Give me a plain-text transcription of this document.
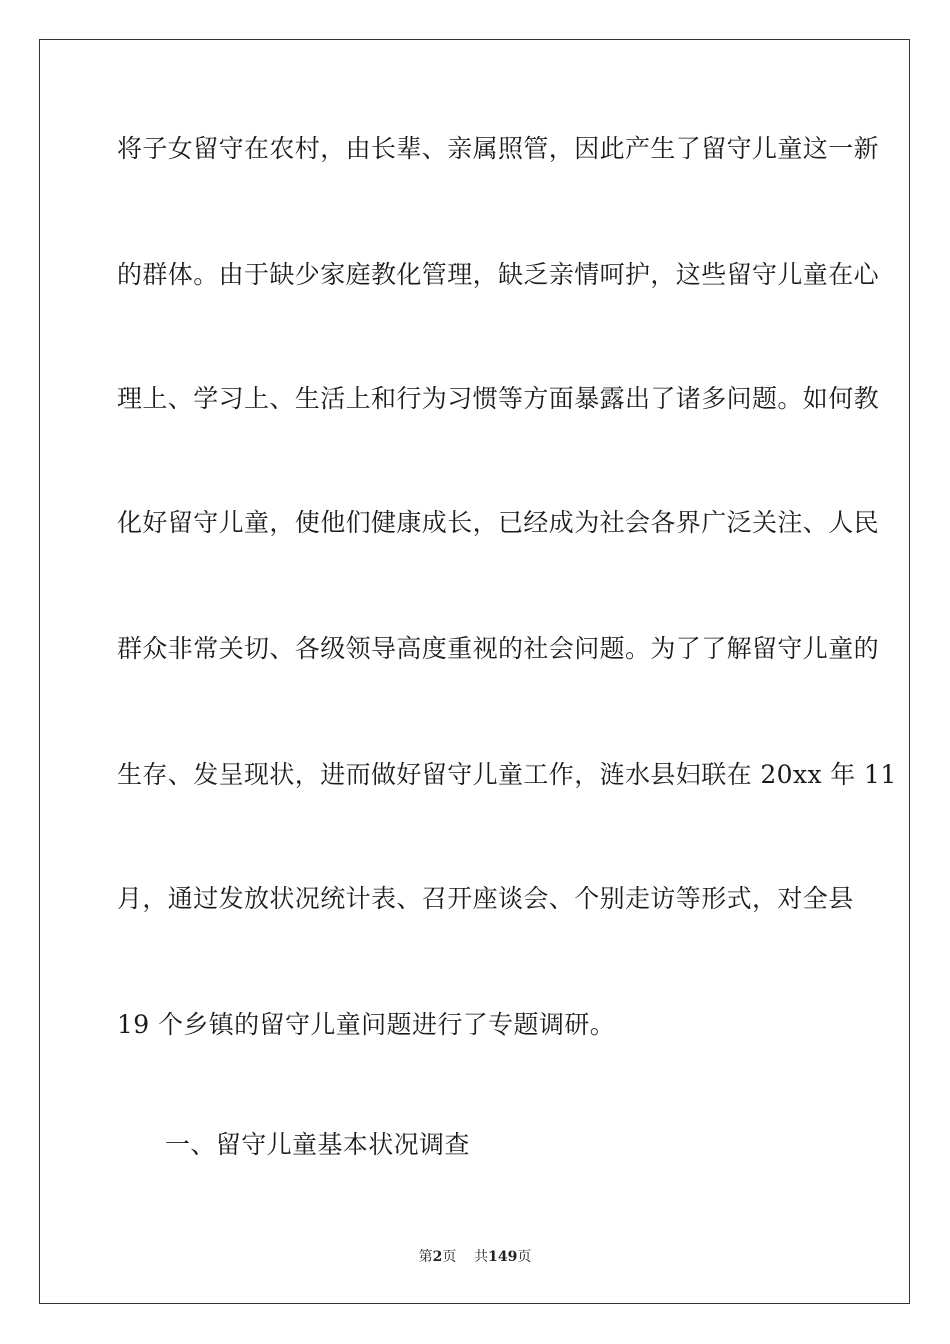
将子女留守在农村，由长辈、亲属照管，因此产生了留守儿童这一新
的群体。由于缺少家庭教化管理，缺乏亲情呵护，这些留守儿童在心
理上、学习上、生活上和行为习惯等方面暴露出了诸多问题。如何教
化好留守儿童，使他们健康成长，已经成为社会各界广泛关注、人民
群众非常关切、各级领导高度重视的社会问题。为了了解留守儿童的
生存、发呈现状，进而做好留守儿童工作，涟水县妇联在 20xx 年 11
月，通过发放状况统计表、召开座谈会、个别走访等形式，对全县
19 个乡镇的留守儿童问题进行了专题调研。
一、留守儿童基本状况调查
第2页 共149页
